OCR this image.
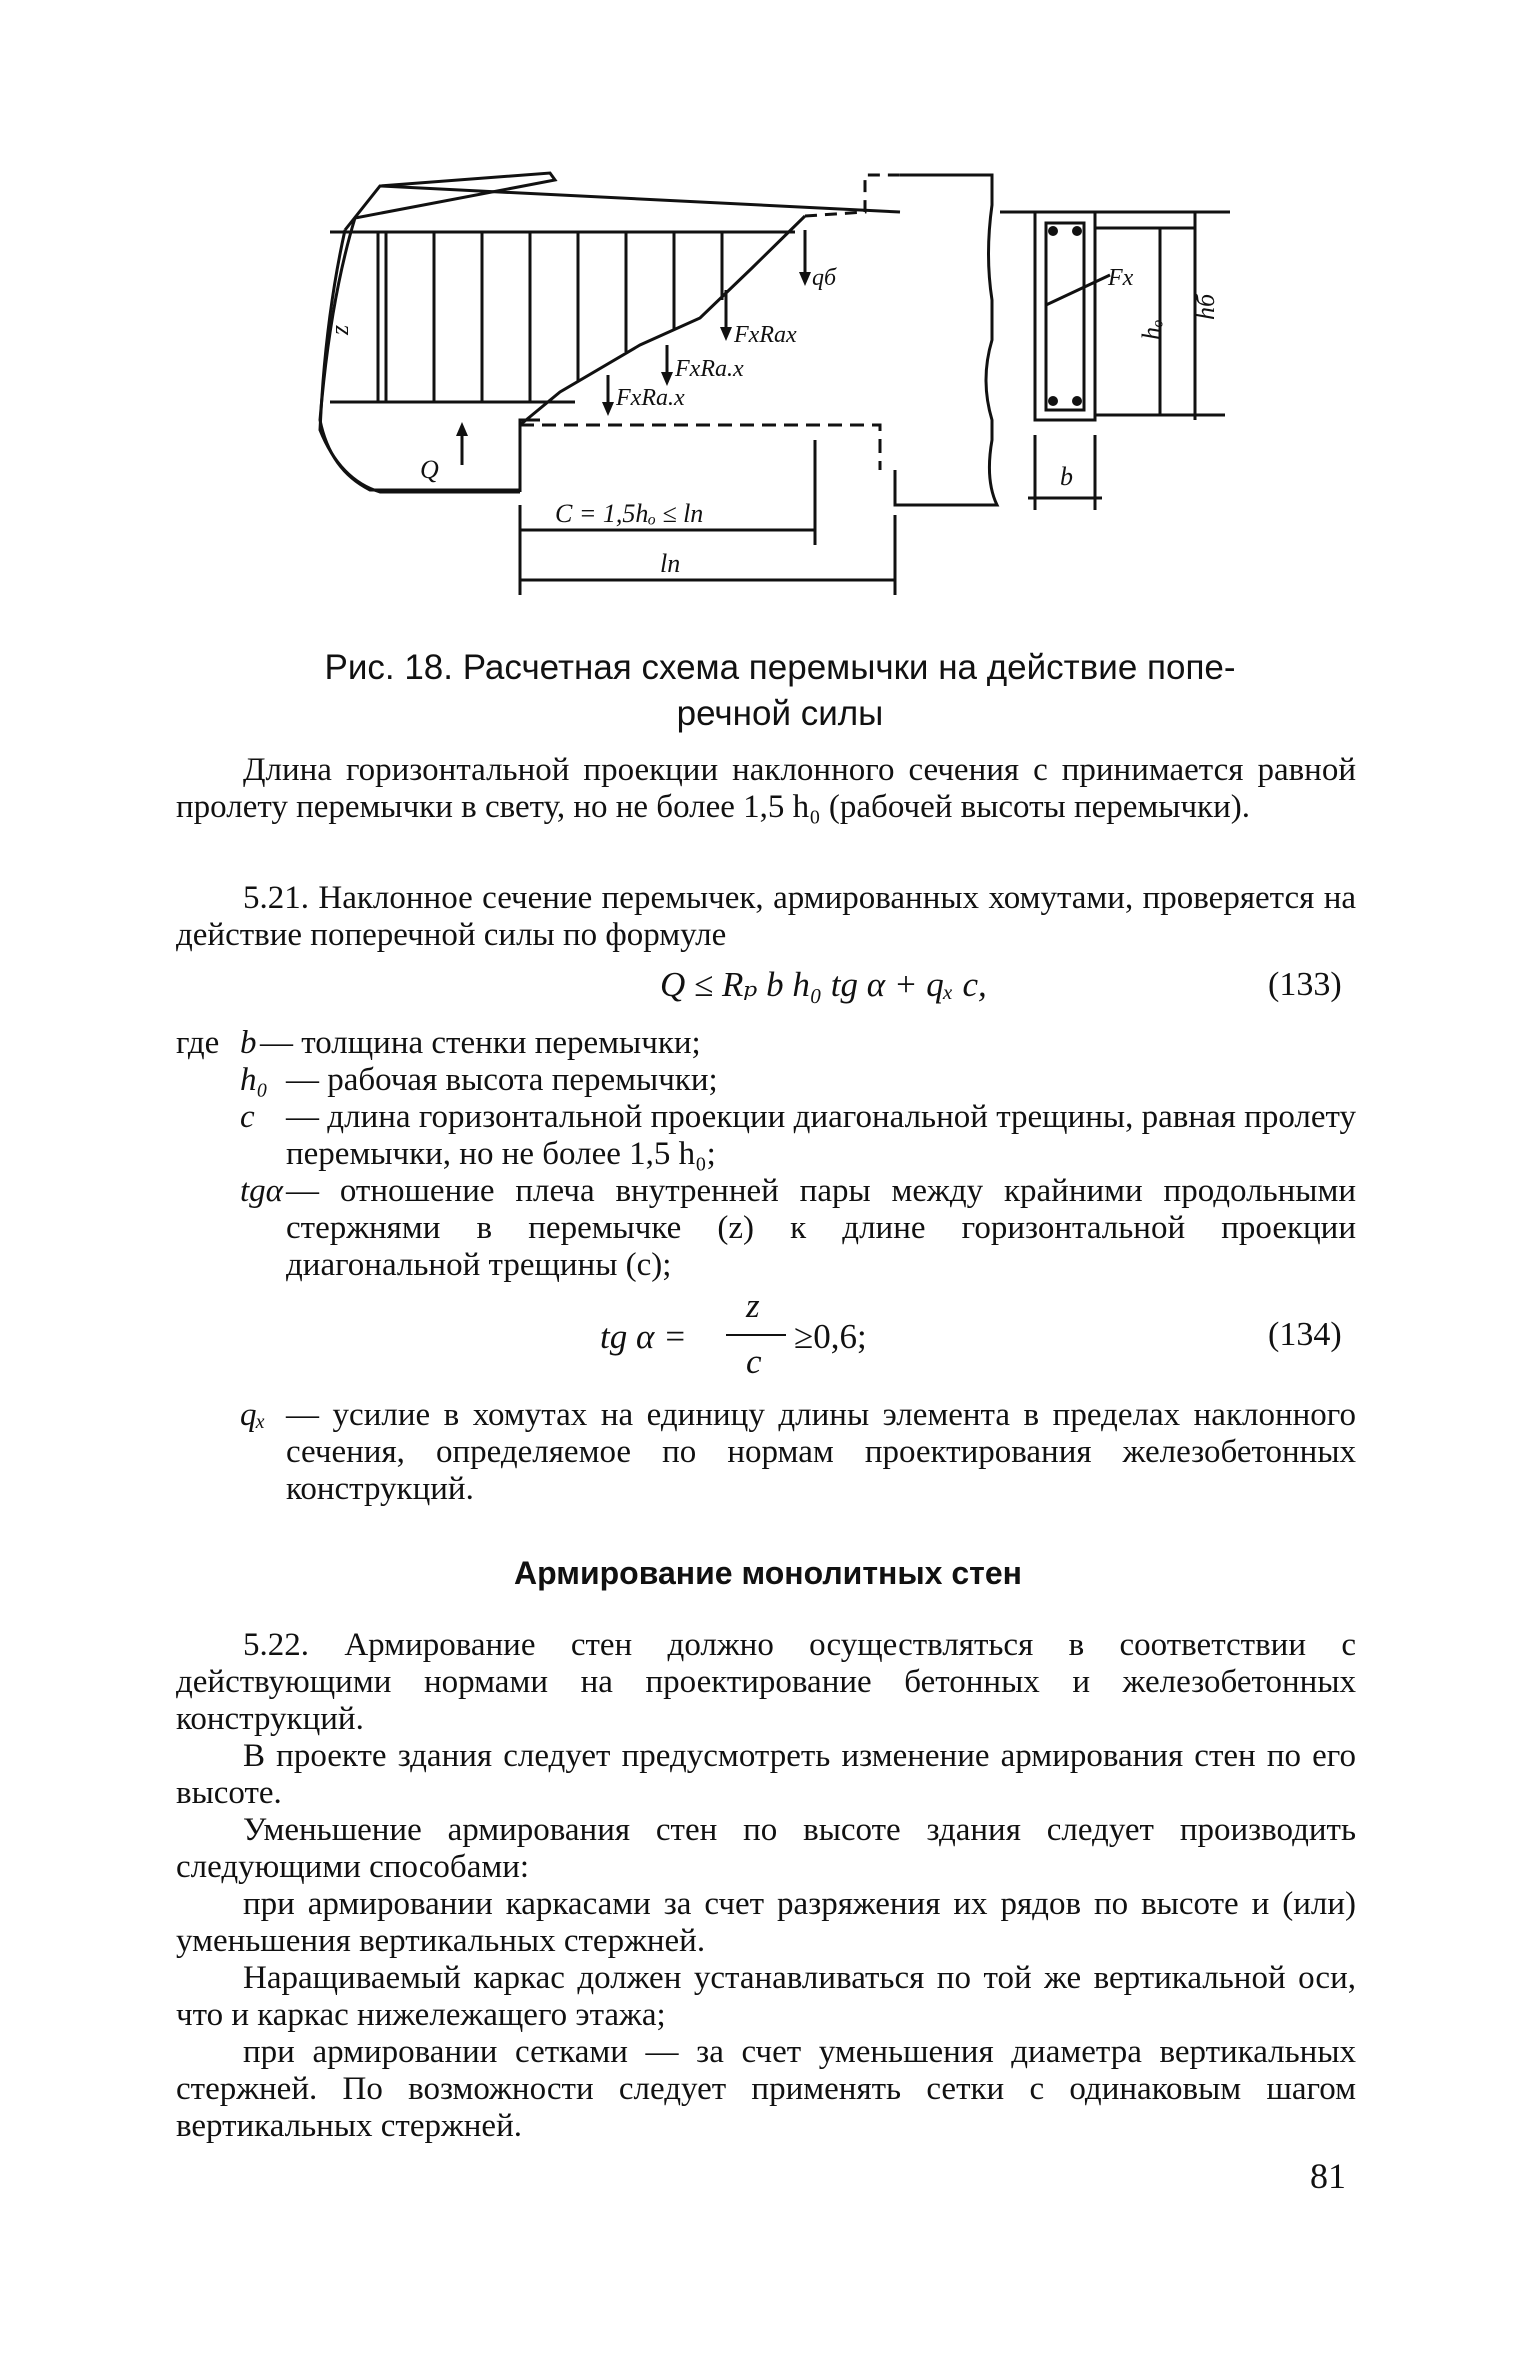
z
qб
FxRax
FxRa.x
FxRa.x
Q
C = 1,5hₒ ≤ lп
lп
Fx
hₒ
hб
b
Рис. 18. Расчетная схема перемычки на действие попе-
речной силы

Длина горизонтальной проекции наклонного сечения c принимается равной пролету перемычки в свету, но не более 1,5 h₀ (рабочей высоты перемычки).

5.21. Наклонное сечение перемычек, армированных хомутами, проверяется на действие поперечной силы по формуле

Q ≤ Rₚ b h₀ tg α + qₓ c,	(133)
где b — толщина стенки перемычки;
h₀ — рабочая высота перемычки;
c — длина горизонтальной проекции диагональной трещины, равная пролету перемычки, но не более 1,5 h₀;
tgα — отношение плеча внутренней пары между крайними продольными стержнями в перемычке (z) к длине горизонтальной проекции диагональной трещины (c);
tg α =
z
c
≥0,6;	(134)
qₓ — усилие в хомутах на единицу длины элемента в пределах наклонного сечения, определяемое по нормам проектирования железобетонных конструкций.
Армирование монолитных стен

5.22. Армирование стен должно осуществляться в соответствии с действующими нормами на проектирование бетонных и железобетонных конструкций.

В проекте здания следует предусмотреть изменение армирования стен по его высоте.

Уменьшение армирования стен по высоте здания следует производить следующими способами:

при армировании каркасами за счет разряжения их рядов по высоте и (или) уменьшения вертикальных стержней.

Наращиваемый каркас должен устанавливаться по той же вертикальной оси, что и каркас нижележащего этажа;

при армировании сетками — за счет уменьшения диаметра вертикальных стержней. По возможности следует применять сетки с одинаковым шагом вертикальных стержней.

81
